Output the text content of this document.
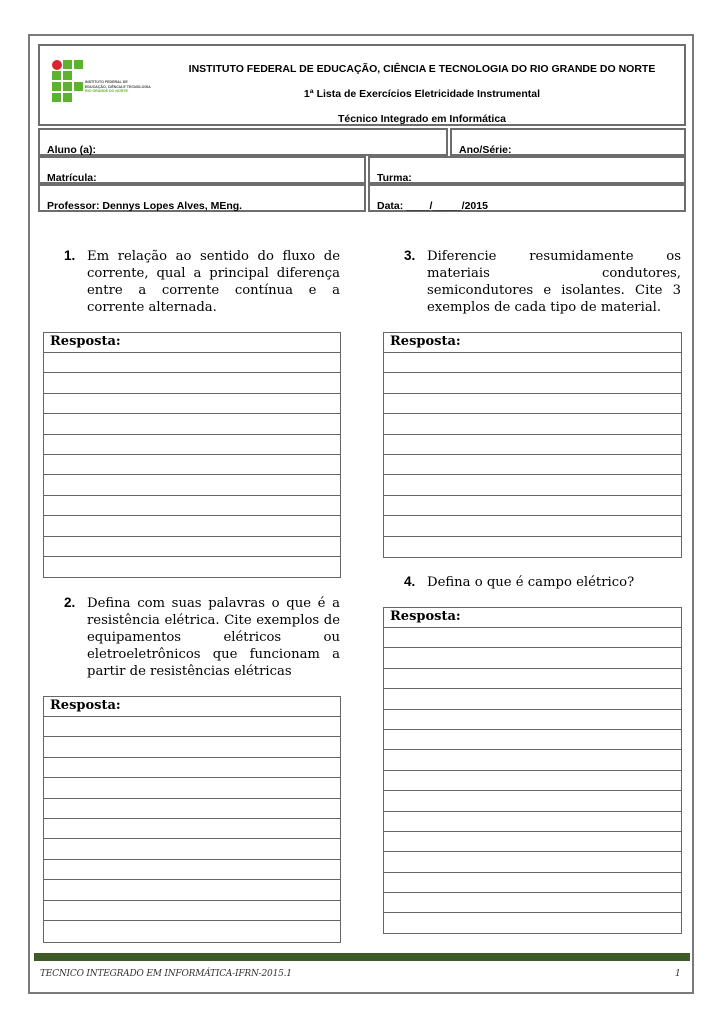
INSTITUTO FEDERAL DE
EDUCAÇÃO, CIÊNCIA E TECNOLOGIA
RIO GRANDE DO NORTE
INSTITUTO FEDERAL DE EDUCAÇÃO, CIÊNCIA E TECNOLOGIA DO RIO GRANDE DO NORTE
1ª Lista de Exercícios Eletricidade Instrumental
Técnico Integrado em Informática
Aluno (a):	Ano/Série:
Matrícula:	Turma:
Professor: Dennys Lopes Alves, MEng.	Data: ____/_____/2015
1. Em relação ao sentido do fluxo de corrente, qual a principal diferença entre a corrente contínua e a corrente alternada.
Resposta:
2. Defina com suas palavras o que é a resistência elétrica. Cite exemplos de equipamentos elétricos ou eletroeletrônicos que funcionam a partir de resistências elétricas
Resposta:
3. Diferencie resumidamente os materiais condutores, semicondutores e isolantes. Cite 3 exemplos de cada tipo de material.
Resposta:
4. Defina o que é campo elétrico?
Resposta:
TECNICO INTEGRADO EM INFORMÁTICA-IFRN-2015.1	1
